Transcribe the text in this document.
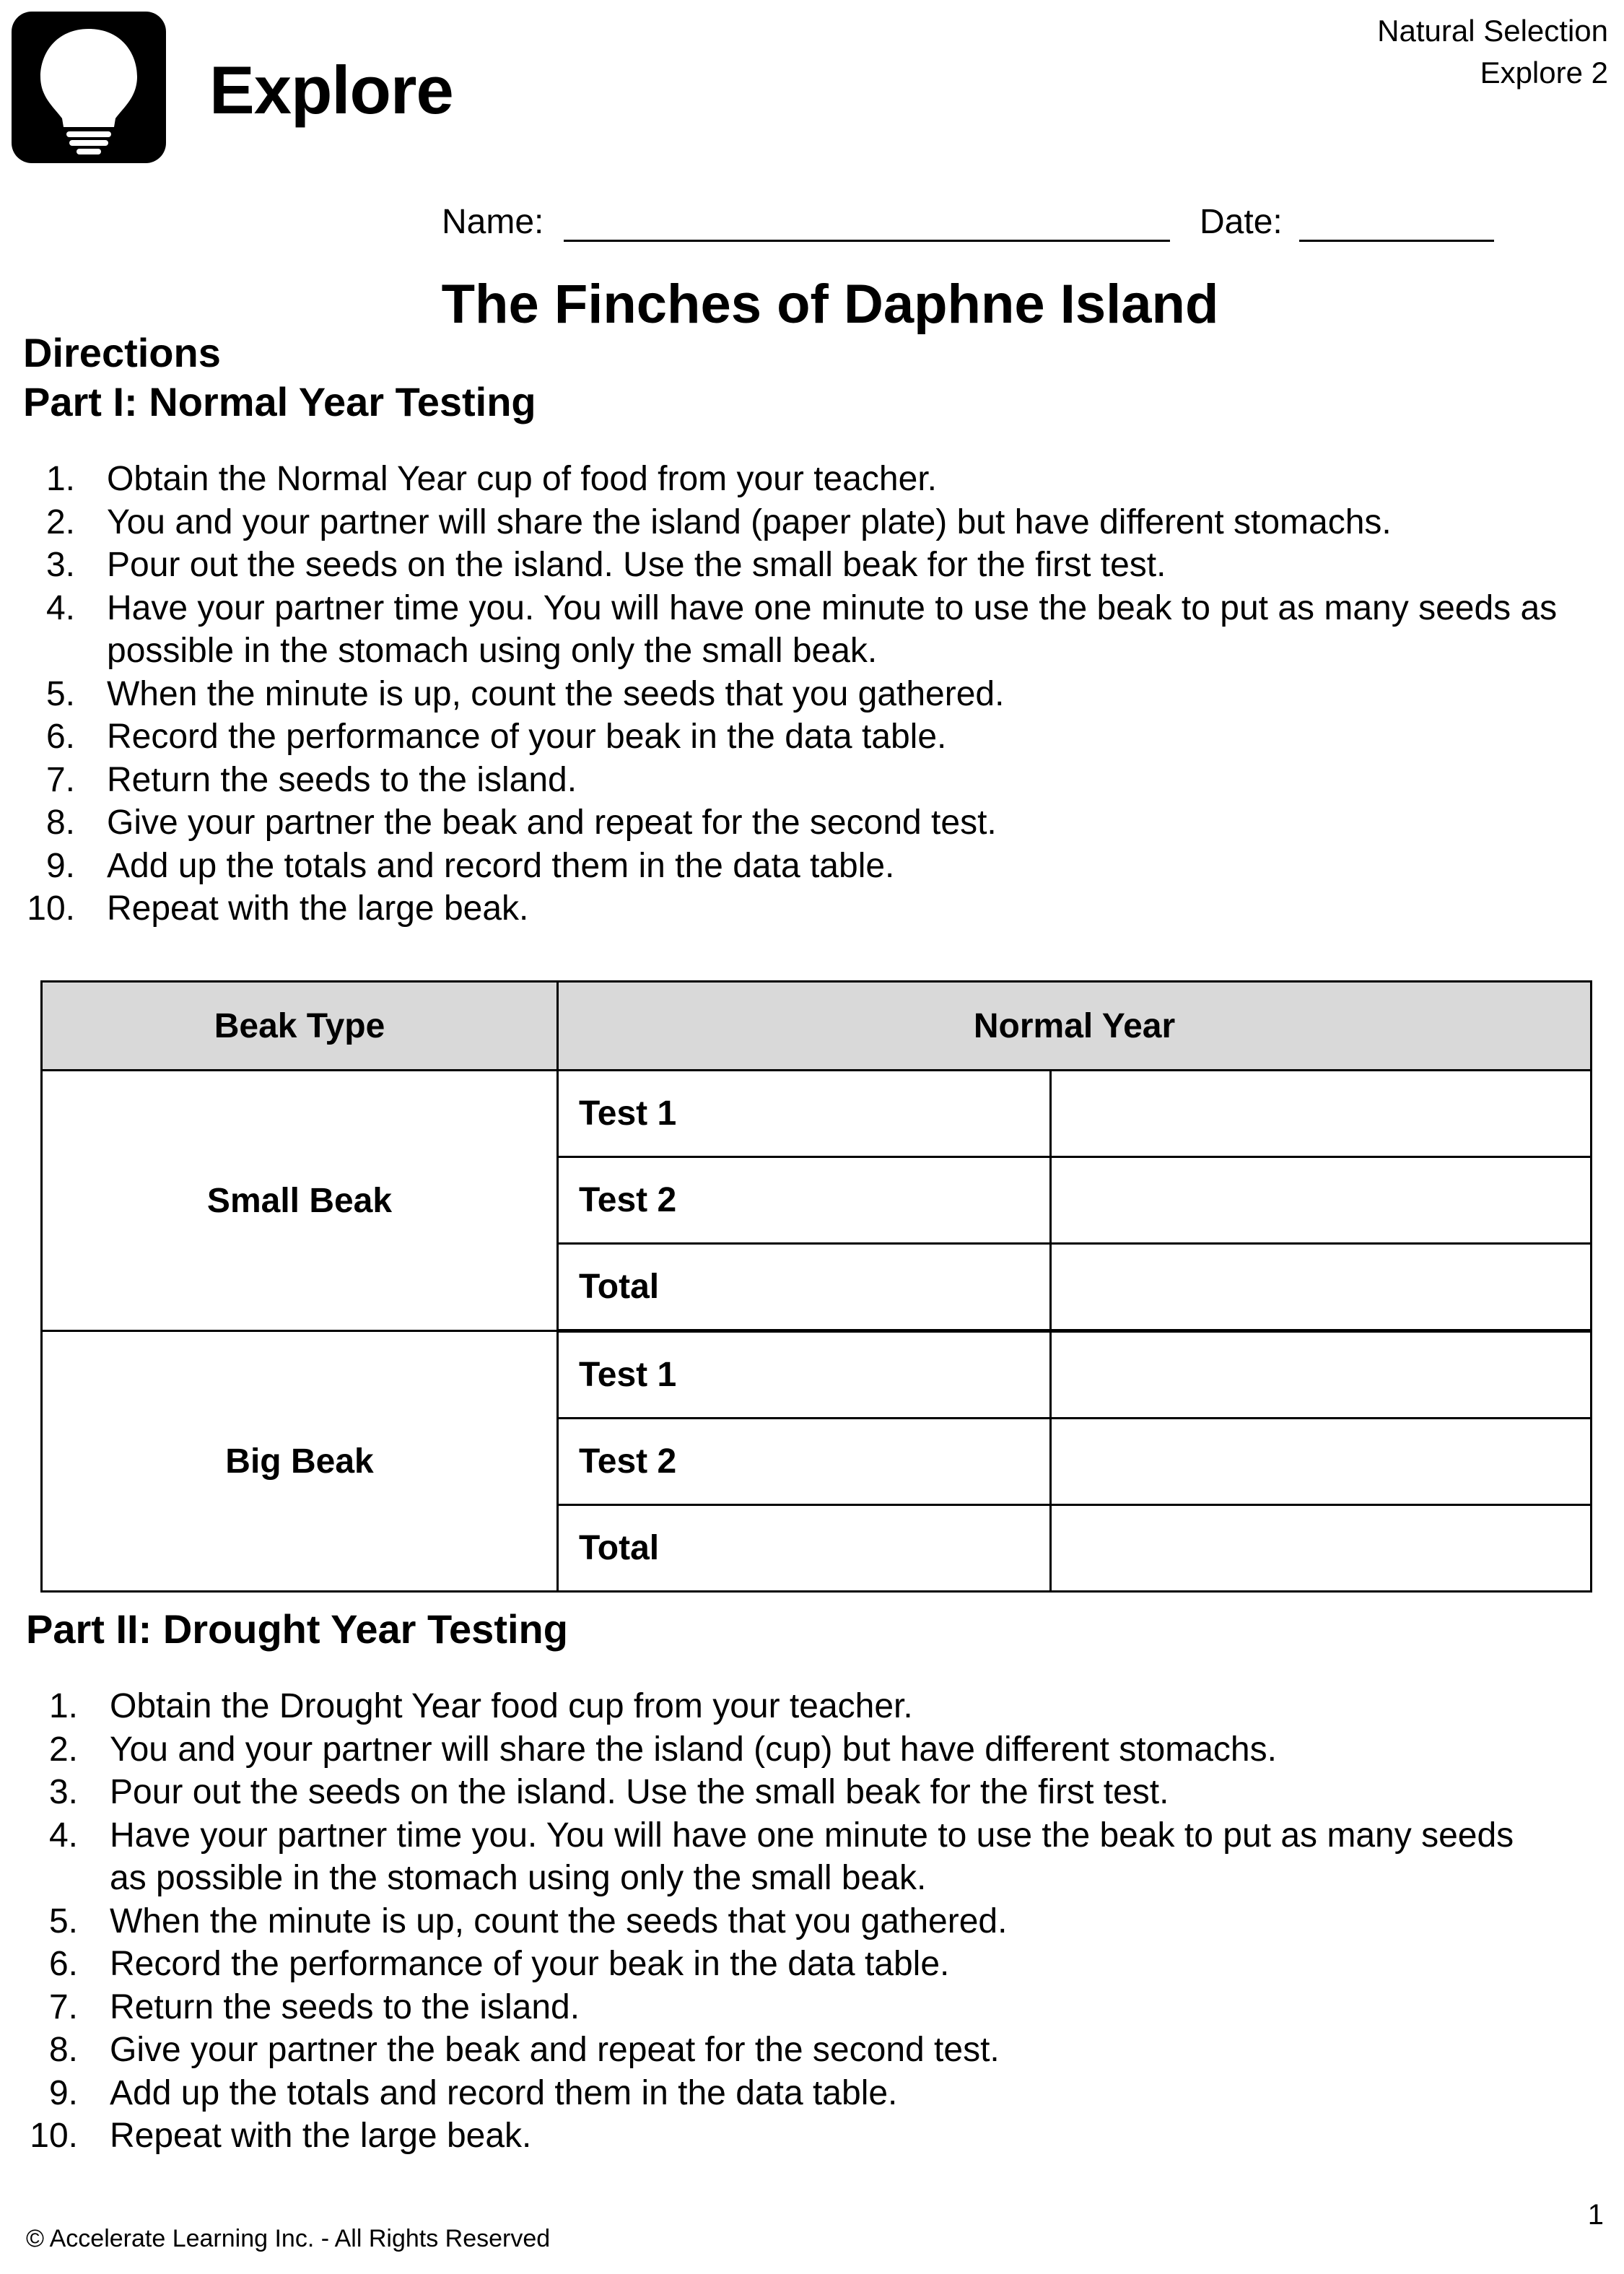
Explore
Natural Selection
Explore 2
Name:	Date:
The Finches of Daphne Island
Directions
Part I: Normal Year Testing
1. Obtain the Normal Year cup of food from your teacher.
2. You and your partner will share the island (paper plate) but have different stomachs.
3. Pour out the seeds on the island. Use the small beak for the first test.
4. Have your partner time you. You will have one minute to use the beak to put as many seeds as possible in the stomach using only the small beak.
5. When the minute is up, count the seeds that you gathered.
6. Record the performance of your beak in the data table.
7. Return the seeds to the island.
8. Give your partner the beak and repeat for the second test.
9. Add up the totals and record them in the data table.
10. Repeat with the large beak.
Beak Type	Normal Year	
Small Beak	Test 1	
	Test 2	
	Total	
Big Beak	Test 1	
	Test 2	
	Total	
Part II: Drought Year Testing
1. Obtain the Drought Year food cup from your teacher.
2. You and your partner will share the island (cup) but have different stomachs.
3. Pour out the seeds on the island. Use the small beak for the first test.
4. Have your partner time you. You will have one minute to use the beak to put as many seeds as possible in the stomach using only the small beak.
5. When the minute is up, count the seeds that you gathered.
6. Record the performance of your beak in the data table.
7. Return the seeds to the island.
8. Give your partner the beak and repeat for the second test.
9. Add up the totals and record them in the data table.
10. Repeat with the large beak.
© Accelerate Learning Inc. - All Rights Reserved
1
